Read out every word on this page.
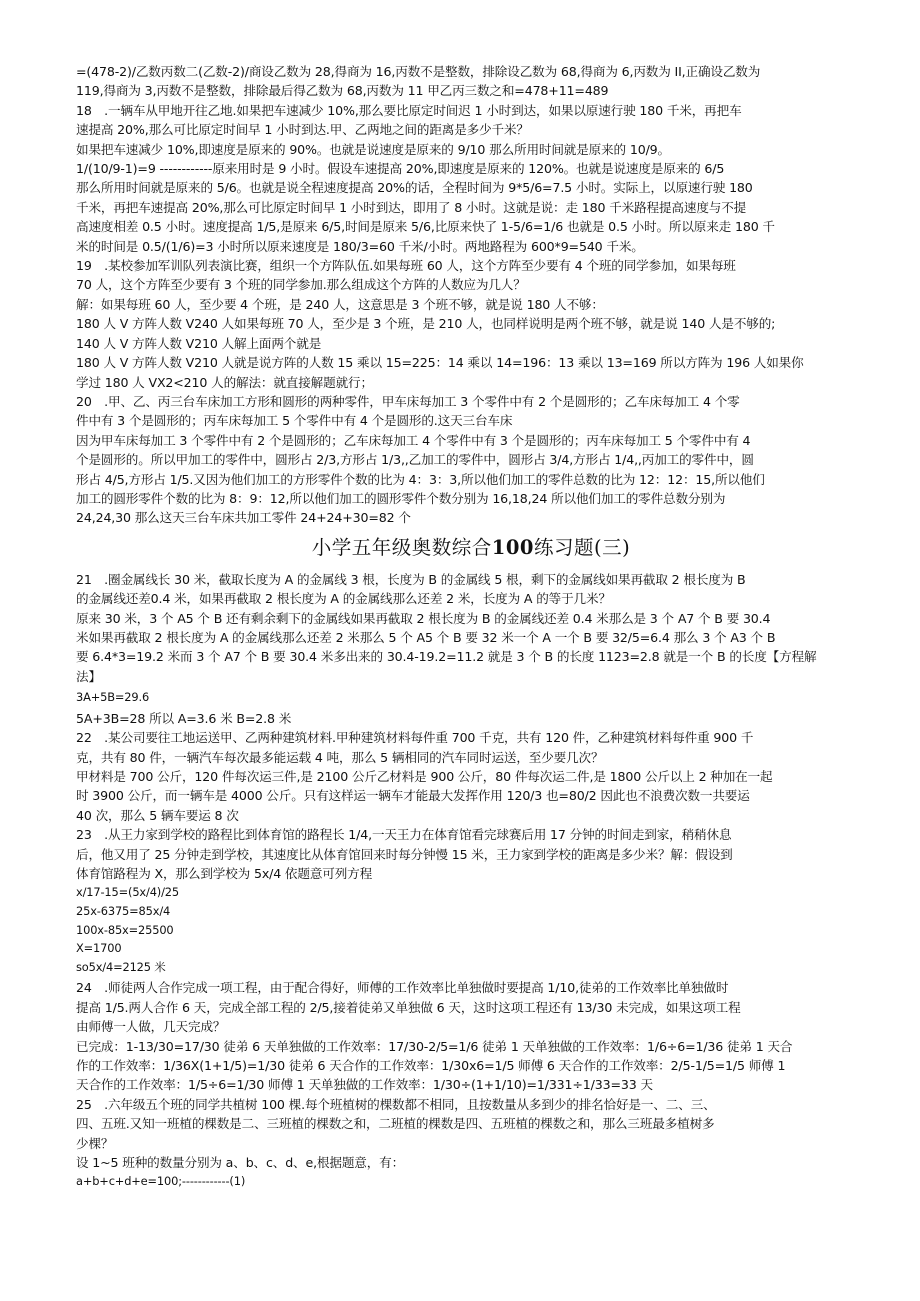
=(478-2)/乙数丙数二(乙数-2)/商设乙数为 28,得商为 16,丙数不是整数，排除设乙数为 68,得商为 6,丙数为 II,正确设乙数为
119,得商为 3,丙数不是整数，排除最后得乙数为 68,丙数为 11 甲乙丙三数之和=478+11=489
18　.一辆车从甲地开往乙地.如果把车速减少 10%,那么要比原定时间迟 1 小时到达，如果以原速行驶 180 千米，再把车
速提高 20%,那么可比原定时间早 1 小时到达.甲、乙两地之间的距离是多少千米？
如果把车速减少 10%,即速度是原来的 90%。也就是说速度是原来的 9/10 那么所用时间就是原来的 10/9。
1/(10/9-1)=9 ------------原来用时是 9 小时。假设车速提高 20%,即速度是原来的 120%。也就是说速度是原来的 6/5
那么所用时间就是原来的 5/6。也就是说全程速度提高 20%的话，全程时间为 9*5/6=7.5 小时。实际上，以原速行驶 180
千米，再把车速提高 20%,那么可比原定时间早 1 小时到达，即用了 8 小时。这就是说：走 180 千米路程提高速度与不提
高速度相差 0.5 小时。速度提高 1/5,是原来 6/5,时间是原来 5/6,比原来快了 1-5/6=1/6 也就是 0.5 小时。所以原来走 180 千
米的时间是 0.5/(1/6)=3 小时所以原来速度是 180/3=60 千米/小时。两地路程为 600*9=540 千米。
19　.某校参加军训队列表演比赛，组织一个方阵队伍.如果每班 60 人，这个方阵至少要有 4 个班的同学参加，如果每班
70 人，这个方阵至少要有 3 个班的同学参加.那么组成这个方阵的人数应为几人？
解：如果每班 60 人，至少要 4 个班，是 240 人，这意思是 3 个班不够，就是说 180 人不够：
180 人 V 方阵人数 V240 人如果每班 70 人，至少是 3 个班，是 210 人，也同样说明是两个班不够，就是说 140 人是不够的;
140 人 V 方阵人数 V210 人解上面两个就是
180 人 V 方阵人数 V210 人就是说方阵的人数 15 乘以 15=225：14 乘以 14=196：13 乘以 13=169 所以方阵为 196 人如果你
学过 180 人 VX2<210 人的解法：就直接解题就行；
20　.甲、乙、丙三台车床加工方形和圆形的两种零件，甲车床每加工 3 个零件中有 2 个是圆形的；乙车床每加工 4 个零
件中有 3 个是圆形的；丙车床每加工 5 个零件中有 4 个是圆形的.这天三台车床
因为甲车床每加工 3 个零件中有 2 个是圆形的；乙车床每加工 4 个零件中有 3 个是圆形的；丙车床每加工 5 个零件中有 4
个是圆形的。所以甲加工的零件中，圆形占 2/3,方形占 1/3,,乙加工的零件中，圆形占 3/4,方形占 1/4,,丙加工的零件中，圆
形占 4/5,方形占 1/5.又因为他们加工的方形零件个数的比为 4：3：3,所以他们加工的零件总数的比为 12：12：15,所以他们
加工的圆形零件个数的比为 8：9：12,所以他们加工的圆形零件个数分别为 16,18,24 所以他们加工的零件总数分别为
24,24,30 那么这天三台车床共加工零件 24+24+30=82 个
小学五年级奥数综合100练习题(三)
21　.圈金属线长 30 米，截取长度为 A 的金属线 3 根，长度为 B 的金属线 5 根，剩下的金属线如果再截取 2 根长度为 B
的金属线还差0.4 米，如果再截取 2 根长度为 A 的金属线那么还差 2 米，长度为 A 的等于几米？
原来 30 米，3 个 A5 个 B 还有剩余剩下的金属线如果再截取 2 根长度为 B 的金属线还差 0.4 米那么是 3 个 A7 个 B 要 30.4
米如果再截取 2 根长度为 A 的金属线那么还差 2 米那么 5 个 A5 个 B 要 32 米一个 A 一个 B 要 32/5=6.4 那么 3 个 A3 个 B
要 6.4*3=19.2 米而 3 个 A7 个 B 要 30.4 米多出来的 30.4-19.2=11.2 就是 3 个 B 的长度 1123=2.8 就是一个 B 的长度【方程解
法】
3A+5B=29.6
5A+3B=28 所以 A=3.6 米 B=2.8 米
22　.某公司要往工地运送甲、乙两种建筑材料.甲种建筑材料每件重 700 千克，共有 120 件，乙种建筑材料每件重 900 千
克，共有 80 件，一辆汽车每次最多能运载 4 吨，那么 5 辆相同的汽车同时运送，至少要几次？
甲材料是 700 公斤，120 件每次运三件,是 2100 公斤乙材料是 900 公斤，80 件每次运二件,是 1800 公斤以上 2 种加在一起
时 3900 公斤，而一辆车是 4000 公斤。只有这样运一辆车才能最大发挥作用 120/3 也=80/2 因此也不浪费次数一共要运
40 次，那么 5 辆车要运 8 次
23　.从王力家到学校的路程比到体育馆的路程长 1/4,一天王力在体育馆看完球赛后用 17 分钟的时间走到家，稍稍休息
后，他又用了 25 分钟走到学校，其速度比从体育馆回来时每分钟慢 15 米，王力家到学校的距离是多少米？解：假设到
体育馆路程为 X，那么到学校为 5x/4 依题意可列方程
x/17-15=(5x/4)/25
25x-6375=85x/4
100x-85x=25500
X=1700
so5x/4=2125 米
24　.师徒两人合作完成一项工程，由于配合得好，师傅的工作效率比单独做时要提高 1/10,徒弟的工作效率比单独做时
提高 1/5.两人合作 6 天，完成全部工程的 2/5,接着徒弟又单独做 6 天，这时这项工程还有 13/30 未完成，如果这项工程
由师傅一人做，几天完成？
已完成：1-13/30=17/30 徒弟 6 天单独做的工作效率：17/30-2/5=1/6 徒弟 1 天单独做的工作效率：1/6÷6=1/36 徒弟 1 天合
作的工作效率：1/36X(1+1/5)=1/30 徒弟 6 天合作的工作效率：1/30x6=1/5 师傅 6 天合作的工作效率：2/5-1/5=1/5 师傅 1
天合作的工作效率：1/5÷6=1/30 师傅 1 天单独做的工作效率：1/30÷(1+1/10)=1/331÷1/33=33 天
25　.六年级五个班的同学共植树 100 棵.每个班植树的棵数都不相同，且按数量从多到少的排名恰好是一、二、三、
四、五班.又知一班植的棵数是二、三班植的棵数之和，二班植的棵数是四、五班植的棵数之和，那么三班最多植树多
少棵？
设 1~5 班种的数量分别为 a、b、c、d、e,根据题意，有：
a+b+c+d+e=100;------------(1)
